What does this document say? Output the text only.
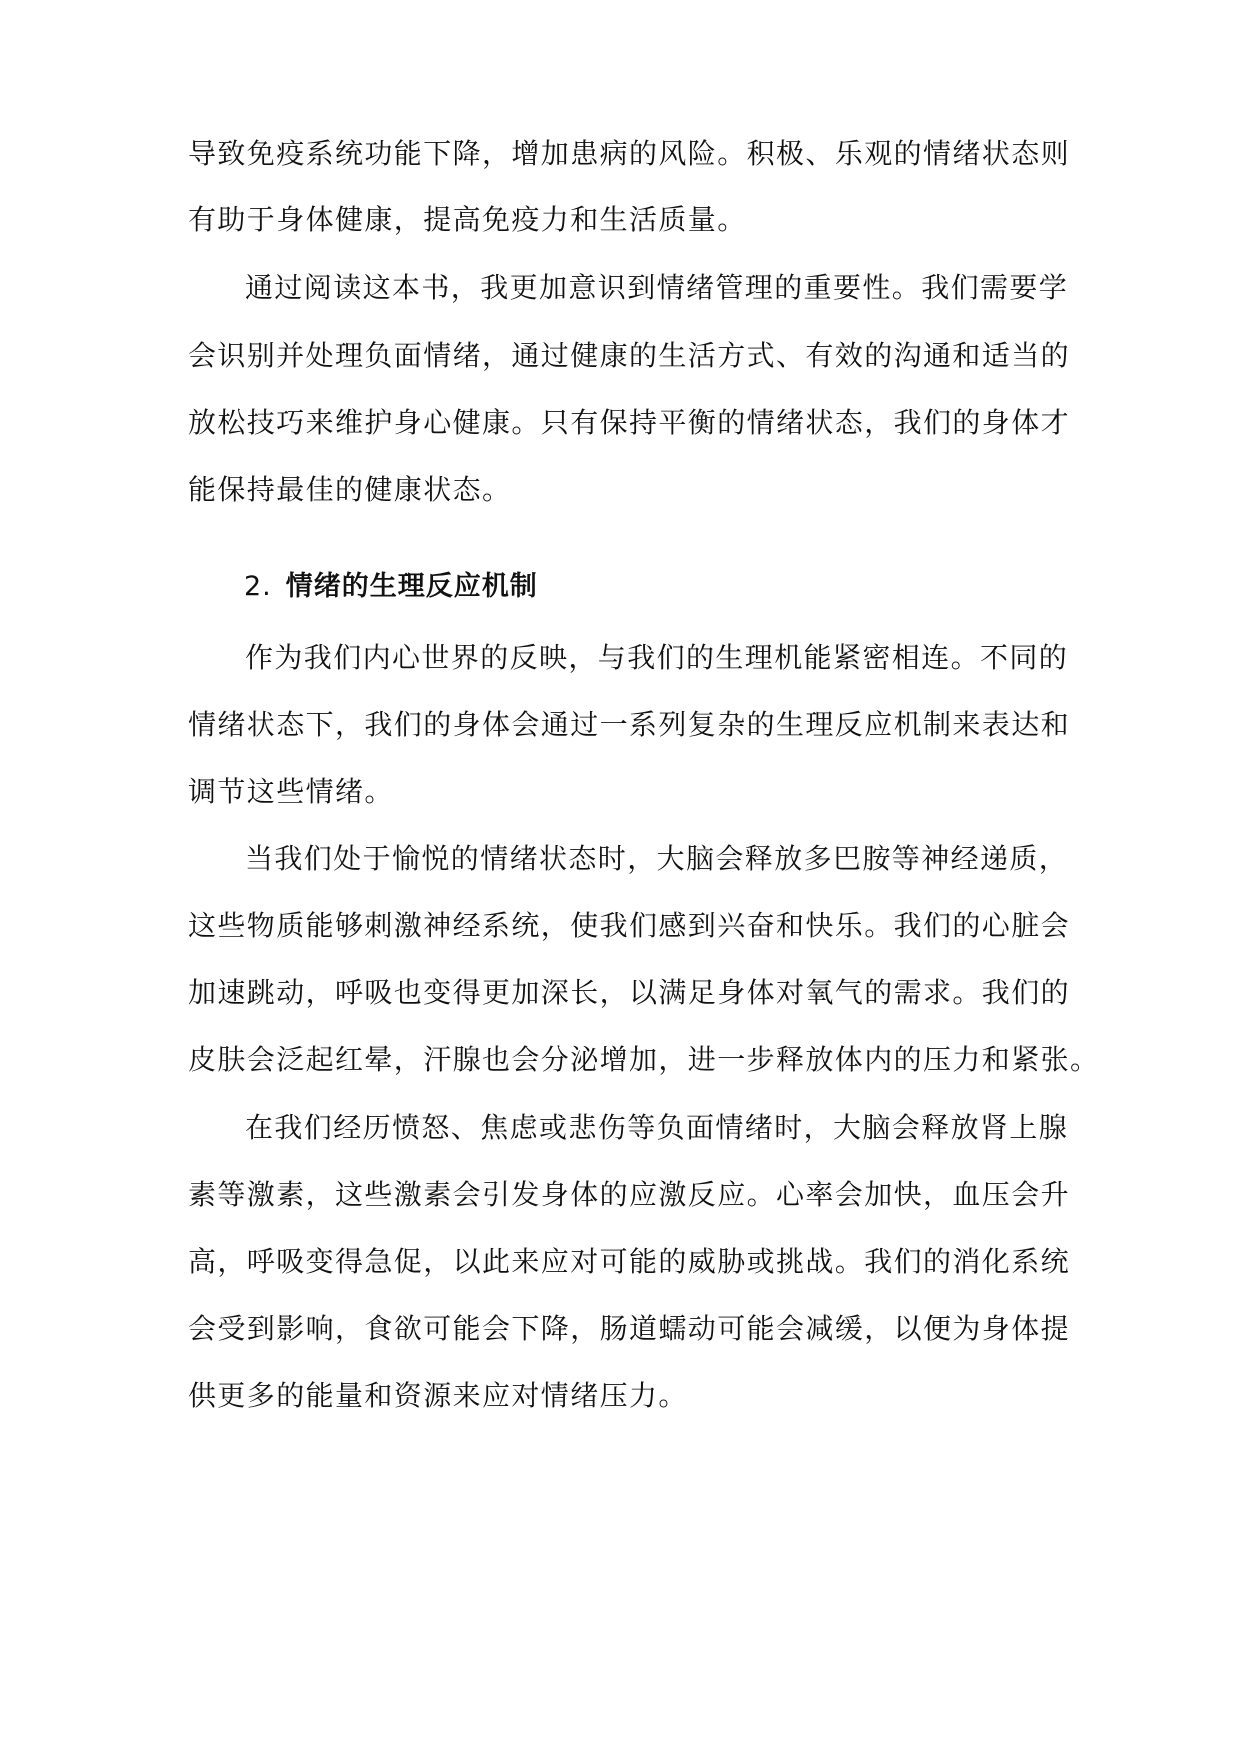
导致免疫系统功能下降，增加患病的风险。积极、乐观的情绪状态则
有助于身体健康，提高免疫力和生活质量。
通过阅读这本书，我更加意识到情绪管理的重要性。我们需要学
会识别并处理负面情绪，通过健康的生活方式、有效的沟通和适当的
放松技巧来维护身心健康。只有保持平衡的情绪状态，我们的身体才
能保持最佳的健康状态。
2. 情绪的生理反应机制
作为我们内心世界的反映，与我们的生理机能紧密相连。不同的
情绪状态下，我们的身体会通过一系列复杂的生理反应机制来表达和
调节这些情绪。
当我们处于愉悦的情绪状态时，大脑会释放多巴胺等神经递质，
这些物质能够刺激神经系统，使我们感到兴奋和快乐。我们的心脏会
加速跳动，呼吸也变得更加深长，以满足身体对氧气的需求。我们的
皮肤会泛起红晕，汗腺也会分泌增加，进一步释放体内的压力和紧张。
在我们经历愤怒、焦虑或悲伤等负面情绪时，大脑会释放肾上腺
素等激素，这些激素会引发身体的应激反应。心率会加快，血压会升
高，呼吸变得急促，以此来应对可能的威胁或挑战。我们的消化系统
会受到影响，食欲可能会下降，肠道蠕动可能会减缓，以便为身体提
供更多的能量和资源来应对情绪压力。
